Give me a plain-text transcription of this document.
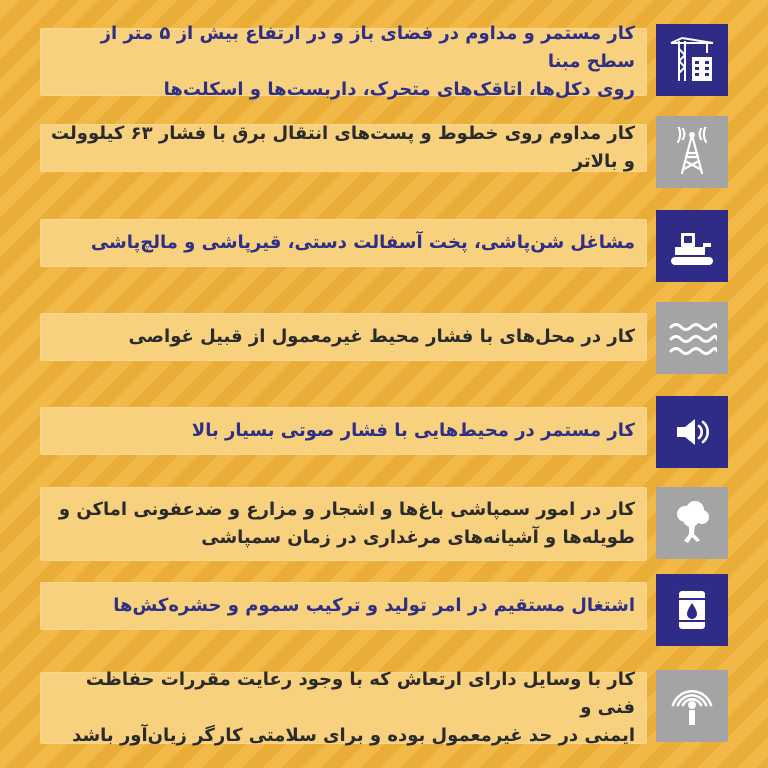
کار مستمر و مداوم در فضای باز و در ارتفاع بیش از ۵ متر از سطح مبنا
روی دکل‌ها، اتاقک‌های متحرک، داربست‌ها و اسکلت‌ها
کار مداوم روی خطوط و پست‌های انتقال برق با فشار ۶۳ کیلوولت و بالاتر
مشاغل شن‌پاشی، پخت آسفالت دستی، قیرپاشی و مالچ‌پاشی
کار در محل‌های با فشار محیط غیرمعمول از قبیل غواصی
کار مستمر در محیط‌هایی با فشار صوتی بسیار بالا
کار در امور سمپاشی باغ‌ها و اشجار و مزارع و ضدعفونی اماکن و
طویله‌ها و آشیانه‌های مرغداری در زمان سمپاشی
اشتغال مستقیم در امر تولید و ترکیب سموم و حشره‌کش‌ها
کار با وسایل دارای ارتعاش که با وجود رعایت مقررات حفاظت فنی و
ایمنی در حد غیرمعمول بوده و برای سلامتی کارگر زیان‌آور باشد
